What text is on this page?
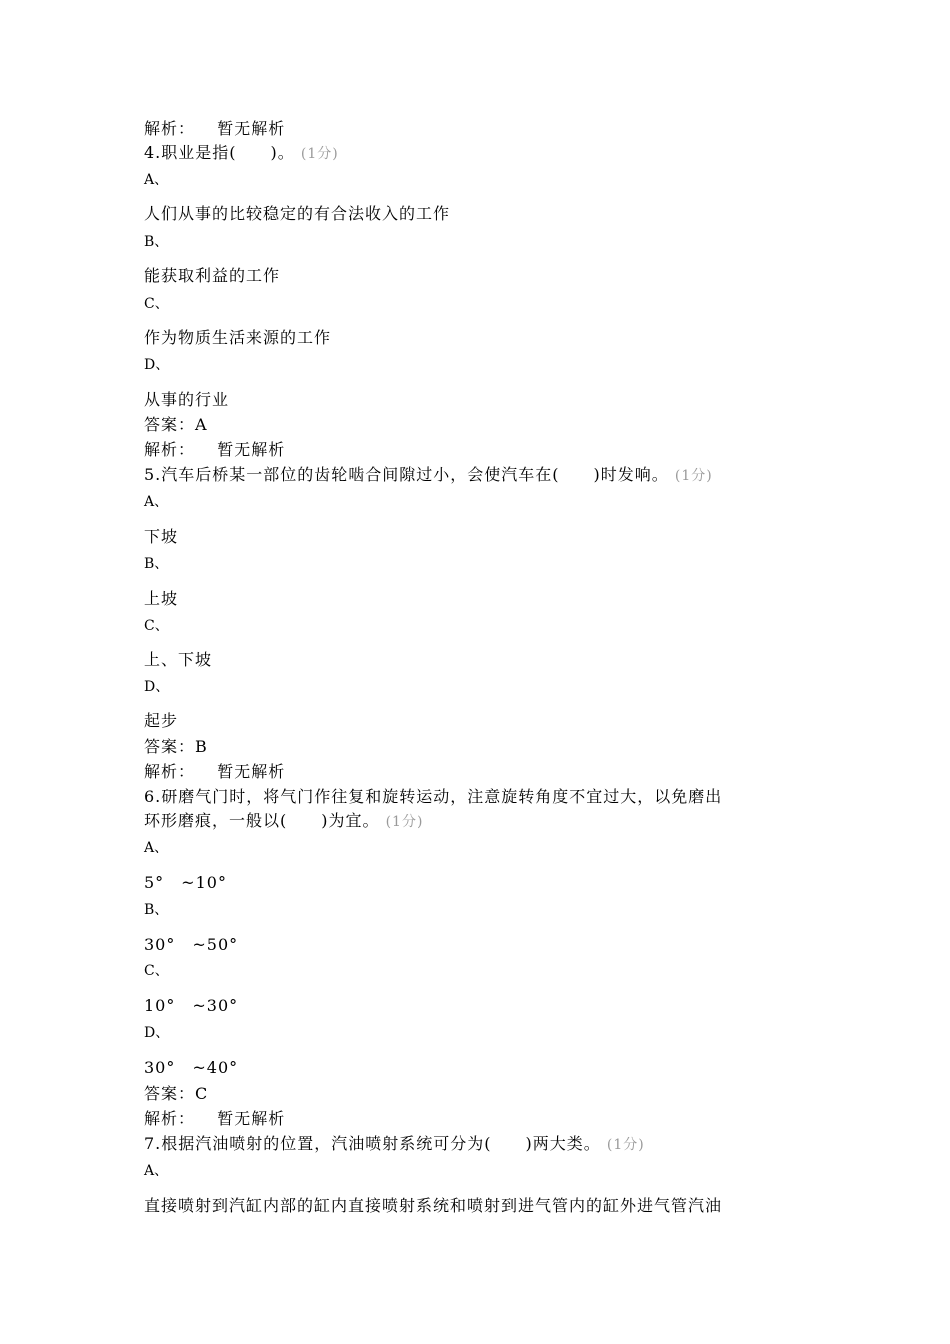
解析： 暂无解析
4.职业是指(　　)。 (1分)
A、
人们从事的比较稳定的有合法收入的工作
B、
能获取利益的工作
C、
作为物质生活来源的工作
D、
从事的行业
答案：A
解析： 暂无解析
5.汽车后桥某一部位的齿轮啮合间隙过小，会使汽车在(　　)时发响。 (1分)
A、
下坡
B、
上坡
C、
上、下坡
D、
起步
答案：B
解析： 暂无解析
6.研磨气门时，将气门作往复和旋转运动，注意旋转角度不宜过大，以免磨出
环形磨痕，一般以(　　)为宜。 (1分)
A、
5°　~10°
B、
30°　~50°
C、
10°　~30°
D、
30°　~40°
答案：C
解析： 暂无解析
7.根据汽油喷射的位置，汽油喷射系统可分为(　　)两大类。 (1分)
A、
直接喷射到汽缸内部的缸内直接喷射系统和喷射到进气管内的缸外进气管汽油
